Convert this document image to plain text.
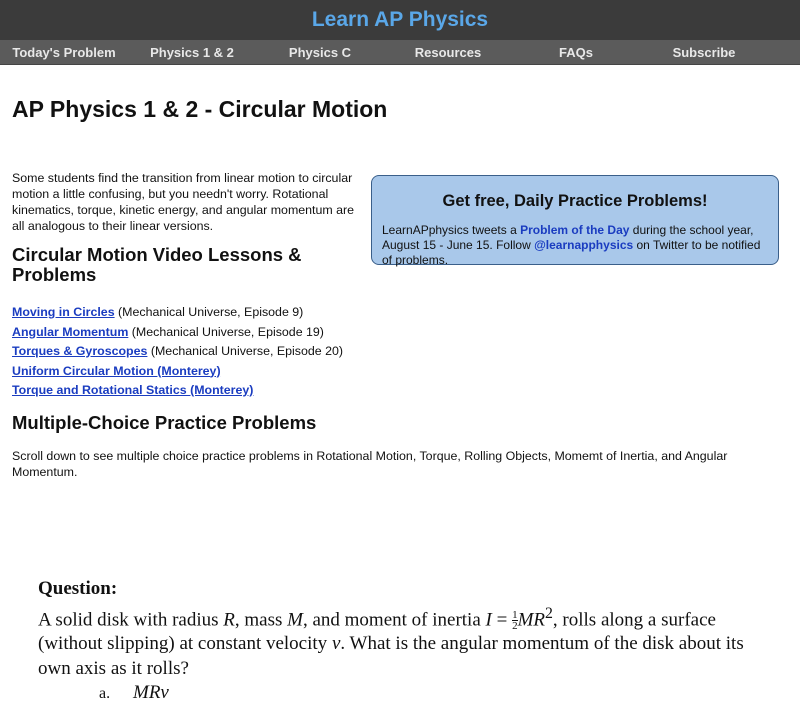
Learn AP Physics
Today's Problem	Physics 1 & 2	Physics C	Resources	FAQs	Subscribe
AP Physics 1 & 2 - Circular Motion

Some students find the transition from linear motion to circular motion a little confusing, but you needn't worry. Rotational kinematics, torque, kinetic energy, and angular momentum are all analogous to their linear versions.

Get free, Daily Practice Problems!

LearnAPphysics tweets a Problem of the Day during the school year, August 15 - June 15. Follow @learnapphysics on Twitter to be notified of problems.

Circular Motion Video Lessons & Problems
Moving in Circles (Mechanical Universe, Episode 9)
Angular Momentum (Mechanical Universe, Episode 19)
Torques & Gyroscopes (Mechanical Universe, Episode 20)
Uniform Circular Motion (Monterey)
Torque and Rotational Statics (Monterey)
Multiple-Choice Practice Problems

Scroll down to see multiple choice practice problems in Rotational Motion, Torque, Rolling Objects, Momemt of Inertia, and Angular Momentum.

Question:
A solid disk with radius R, mass M, and moment of inertia $I = \frac{1}{2} MR^2$, rolls along a surface (without slipping) at constant velocity v. What is the angular momentum of the disk about its own axis as it rolls?
a. MRv
